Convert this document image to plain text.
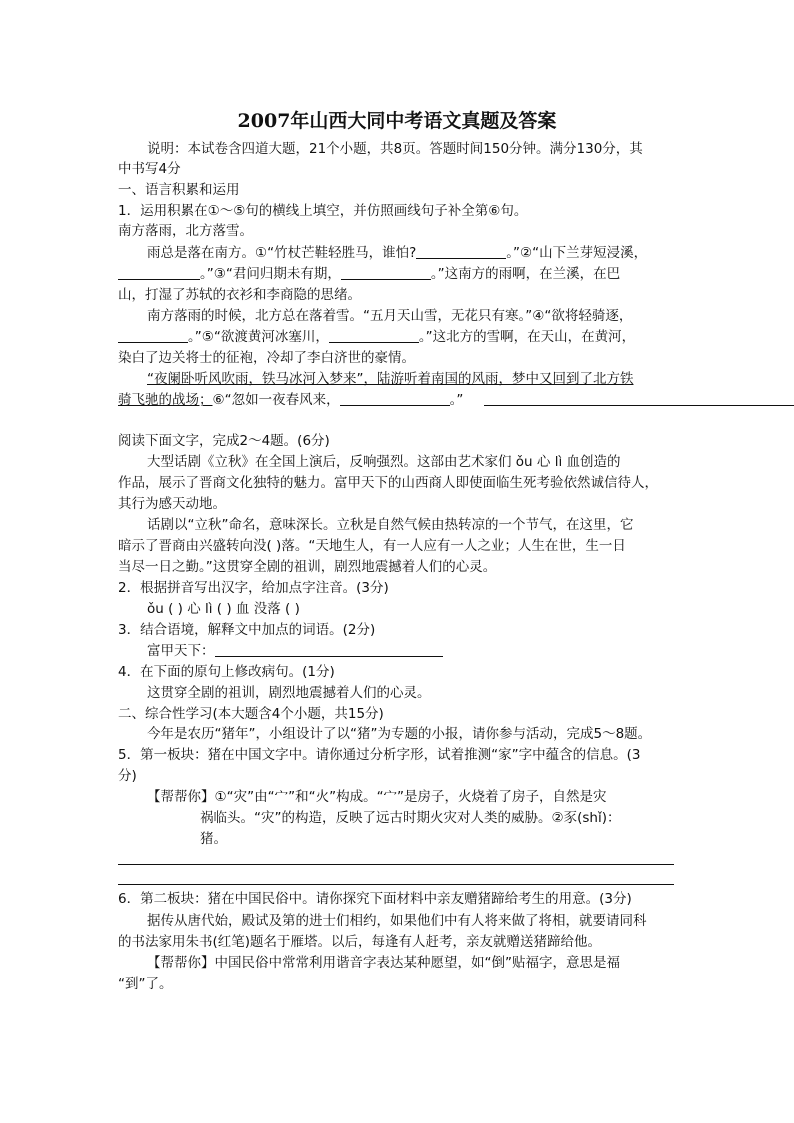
2007年山西大同中考语文真题及答案
说明：本试卷含四道大题，21个小题，共8页。答题时间150分钟。满分130分，其
中书写4分
一、语言积累和运用
1．运用积累在①～⑤句的横线上填空，并仿照画线句子补全第⑥句。
南方落雨，北方落雪。
雨总是落在南方。①“竹杖芒鞋轻胜马，谁怕?	。”②“山下兰芽短浸溪，
。”③“君问归期未有期，	。”这南方的雨啊，在兰溪，在巴
山，打湿了苏轼的衣衫和李商隐的思绪。
南方落雨的时候，北方总在落着雪。“五月天山雪，无花只有寒。”④“欲将轻骑逐，
。”⑤“欲渡黄河冰塞川，	。”这北方的雪啊，在天山，在黄河，
染白了边关将士的征袍，冷却了李白济世的豪情。
“夜阑卧听风吹雨，铁马冰河入梦来”，陆游听着南国的风雨，梦中又回到了北方铁
骑飞驰的战场；⑥“忽如一夜春风来，	。”
阅读下面文字，完成2～4题。(6分)
大型话剧《立秋》在全国上演后，反响强烈。这部由艺术家们 ǒu 心 lì 血创造的
作品，展示了晋商文化独特的魅力。富甲天下的山西商人即使面临生死考验依然诚信待人，
其行为感天动地。
话剧以“立秋”命名，意味深长。立秋是自然气候由热转凉的一个节气，在这里，它
暗示了晋商由兴盛转向没( )落。“天地生人，有一人应有一人之业；人生在世，生一日
当尽一日之勤。”这贯穿全剧的祖训，剧烈地震撼着人们的心灵。
2．根据拼音写出汉字，给加点字注音。(3分)
ǒu ( ) 心 lì ( ) 血 没落 ( )
3．结合语境，解释文中加点的词语。(2分)
富甲天下：
4．在下面的原句上修改病句。(1分)
这贯穿全剧的祖训，剧烈地震撼着人们的心灵。
二、综合性学习(本大题含4个小题，共15分)
今年是农历“猪年”，小组设计了以“猪”为专题的小报，请你参与活动，完成5～8题。
5．第一板块：猪在中国文字中。请你通过分析字形，试着推测“家”字中蕴含的信息。(3
分)
【帮帮你】①“灾”由“宀”和“火”构成。“宀”是房子，火烧着了房子，自然是灾
祸临头。“灾”的构造，反映了远古时期火灾对人类的威胁。②豕(shǐ)：
猪。
6．第二板块：猪在中国民俗中。请你探究下面材料中亲友赠猪蹄给考生的用意。(3分)
据传从唐代始，殿试及第的进士们相约，如果他们中有人将来做了将相，就要请同科
的书法家用朱书(红笔)题名于雁塔。以后，每逢有人赶考，亲友就赠送猪蹄给他。
【帮帮你】中国民俗中常常利用谐音字表达某种愿望，如“倒”贴福字，意思是福
“到”了。
